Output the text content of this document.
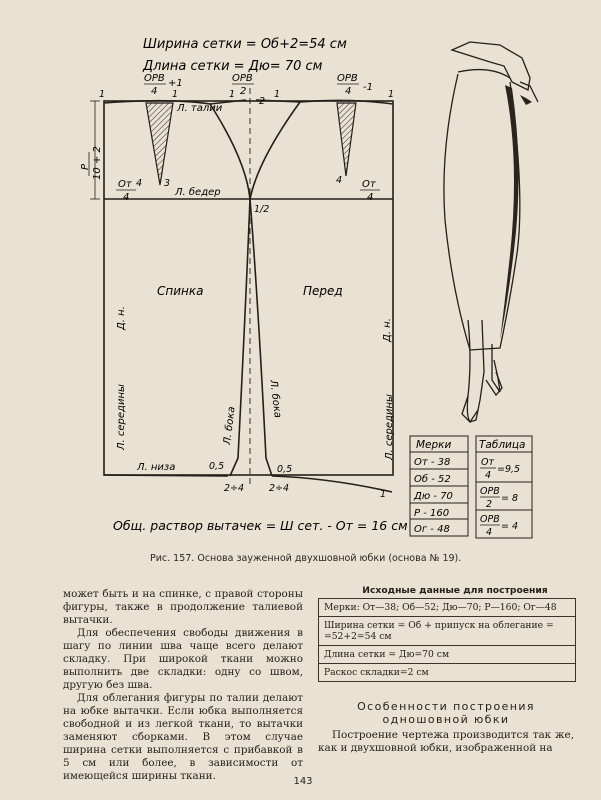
Ширина сетки = Об+2=54 см
Длина сетки = Дю= 70 см
ОРВ
4
+1	ОРВ
2
ОРВ
4 -1
P 10 + 2
От
4
От
4
Л. талии
Л. бедер
Л. низа
Спинка	Перед
Л. бока
Л. бока
Л. середины	Л. середины
Д. н.
Д. н.
1	1	1	1	1
1
2
3
4	4
1/2
0,5	0,5
2÷4	2÷4
Общ. раствор вытачек = Ш сет. - От = 16 см
Мерки
От - 38
Об - 52
Дю - 70
Р - 160
Ог - 48
Таблица
От
4
=9,5
ОРВ
2
= 8
ОРВ
4
= 4
Рис. 157. Основа зауженной двухшовной юбки (основа № 19).

может быть и на спинке, с правой стороны фигуры, также в продолжение талиевой вытачки.

Для обеспечения свободы движения в шагу по линии шва чаще всего делают складку. При широкой ткани можно выполнить две складки: одну со швом, другую без шва.

Для облегания фигуры по талии делают на юбке вытачки. Если юбка выполняется свободной и из легкой ткани, то вытачки заменяют сборками. В этом случае ширина сетки выполняется с прибавкой в 5 см или более, в зависимости от имеющейся ширины ткани.

Исходные данные для построения
Мерки: От—38; Об—52; Дю—70; Р—160; Ог—48
Ширина сетки = Об + припуск на облегание = =52+2=54 см
Длина сетки = Дю=70 см
Раскос складки=2 см
Особенности построения
одношовной юбки

Построение чертежа производится так же, как и двухшовной юбки, изображенной на

143
